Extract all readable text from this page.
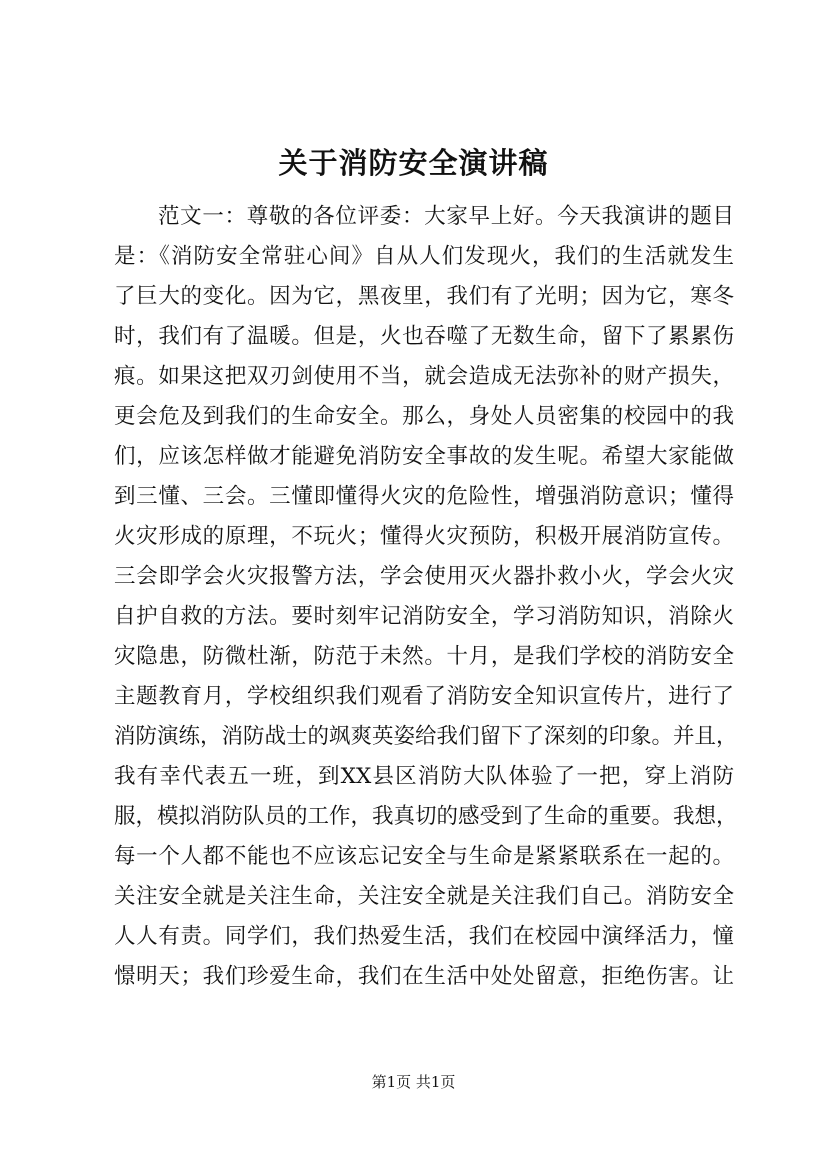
关于消防安全演讲稿
范文一：尊敬的各位评委：大家早上好。今天我演讲的题目
是：《消防安全常驻心间》自从人们发现火，我们的生活就发生
了巨大的变化。因为它，黑夜里，我们有了光明；因为它，寒冬
时，我们有了温暖。但是，火也吞噬了无数生命，留下了累累伤
痕。如果这把双刃剑使用不当，就会造成无法弥补的财产损失，
更会危及到我们的生命安全。那么，身处人员密集的校园中的我
们，应该怎样做才能避免消防安全事故的发生呢。希望大家能做
到三懂、三会。三懂即懂得火灾的危险性，增强消防意识；懂得
火灾形成的原理，不玩火；懂得火灾预防，积极开展消防宣传。
三会即学会火灾报警方法，学会使用灭火器扑救小火，学会火灾
自护自救的方法。要时刻牢记消防安全，学习消防知识，消除火
灾隐患，防微杜渐，防范于未然。十月，是我们学校的消防安全
主题教育月，学校组织我们观看了消防安全知识宣传片，进行了
消防演练，消防战士的飒爽英姿给我们留下了深刻的印象。并且，
我有幸代表五一班，到XX县区消防大队体验了一把，穿上消防
服，模拟消防队员的工作，我真切的感受到了生命的重要。我想，
每一个人都不能也不应该忘记安全与生命是紧紧联系在一起的。
关注安全就是关注生命，关注安全就是关注我们自己。消防安全
人人有责。同学们，我们热爱生活，我们在校园中演绎活力，憧
憬明天；我们珍爱生命，我们在生活中处处留意，拒绝伤害。让
第1页 共1页
